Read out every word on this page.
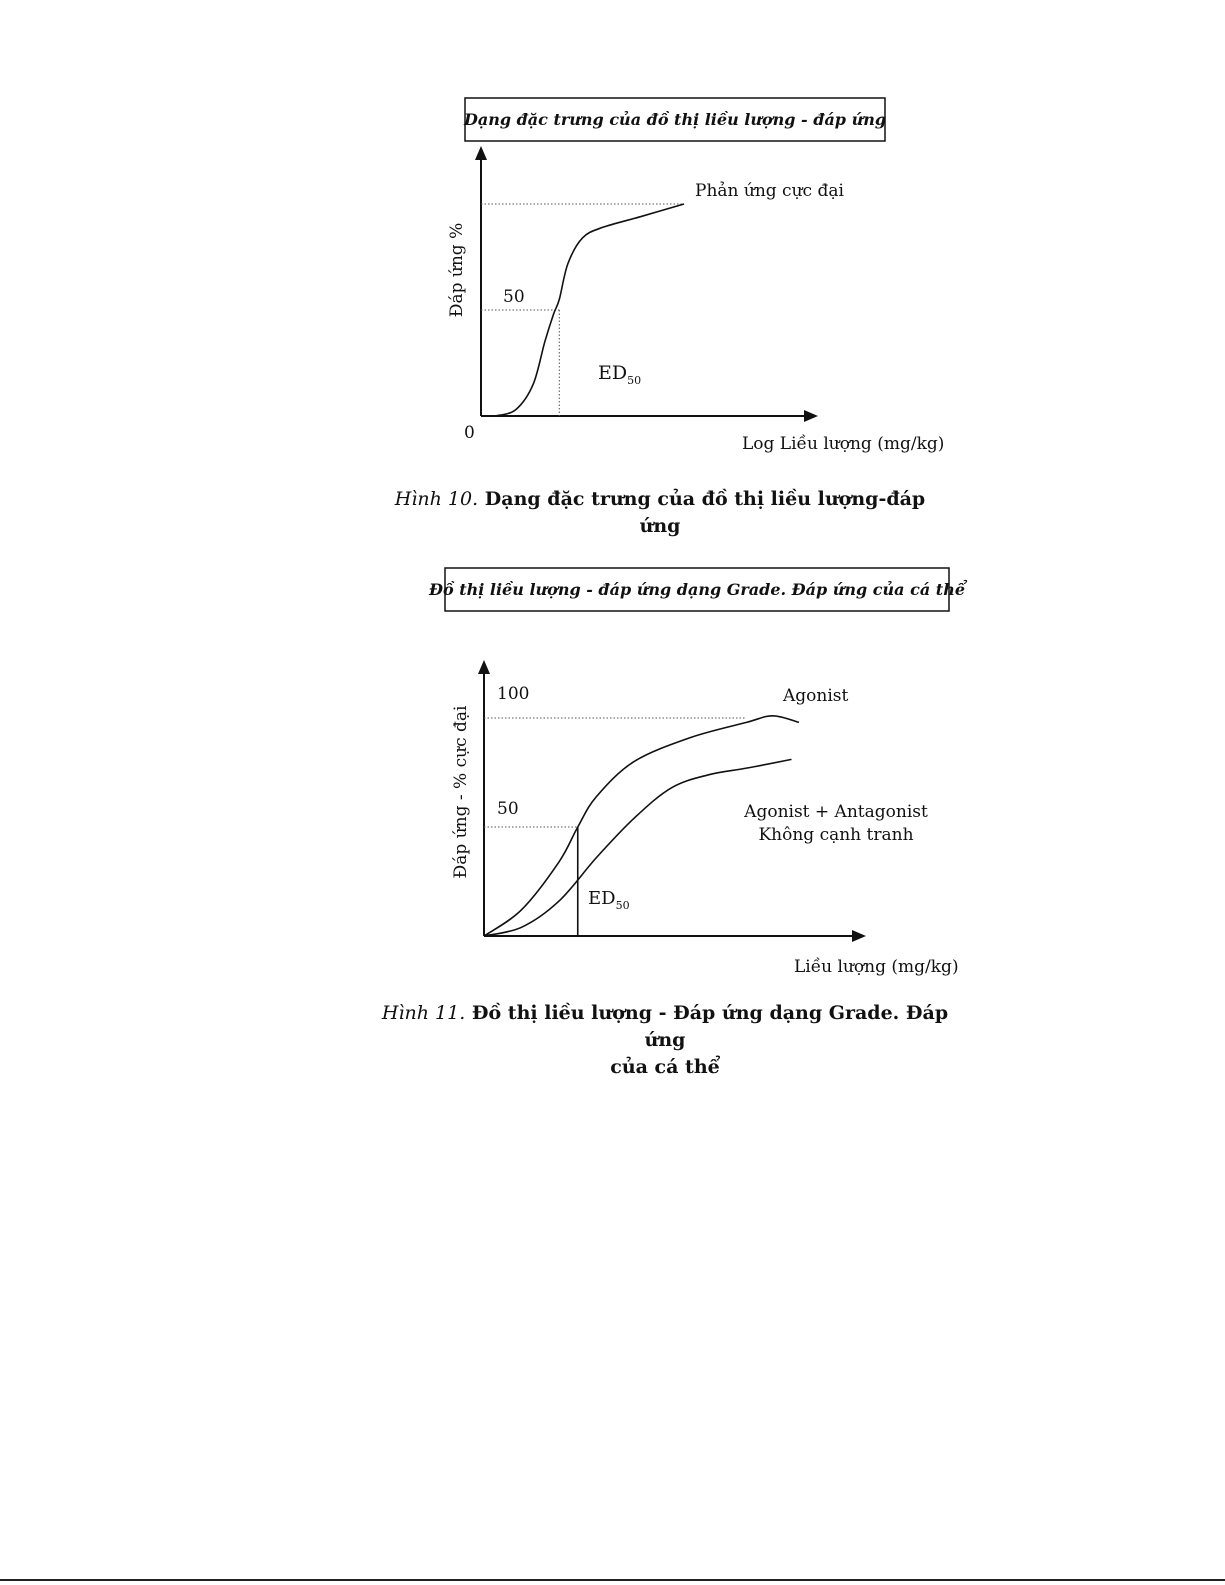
Dạng đặc trưng của đồ thị liều lượng - đáp ứng
50
0
Phản ứng cực đại
$ED_{50}$
Log Liều lượng (mg/kg)
Đáp ứng %
Hình 10. Dạng đặc trưng của đồ thị liều lượng-đáp ứng
Đồ thị liều lượng - đáp ứng dạng Grade. Đáp ứng của cá thể
100
50
Agonist
Agonist + Antagonist
Không cạnh tranh
$ED_{50}$
Liều lượng (mg/kg)
Đáp ứng - % cực đại
Hình 11. Đồ thị liều lượng - Đáp ứng dạng Grade. Đáp ứng
của cá thể
